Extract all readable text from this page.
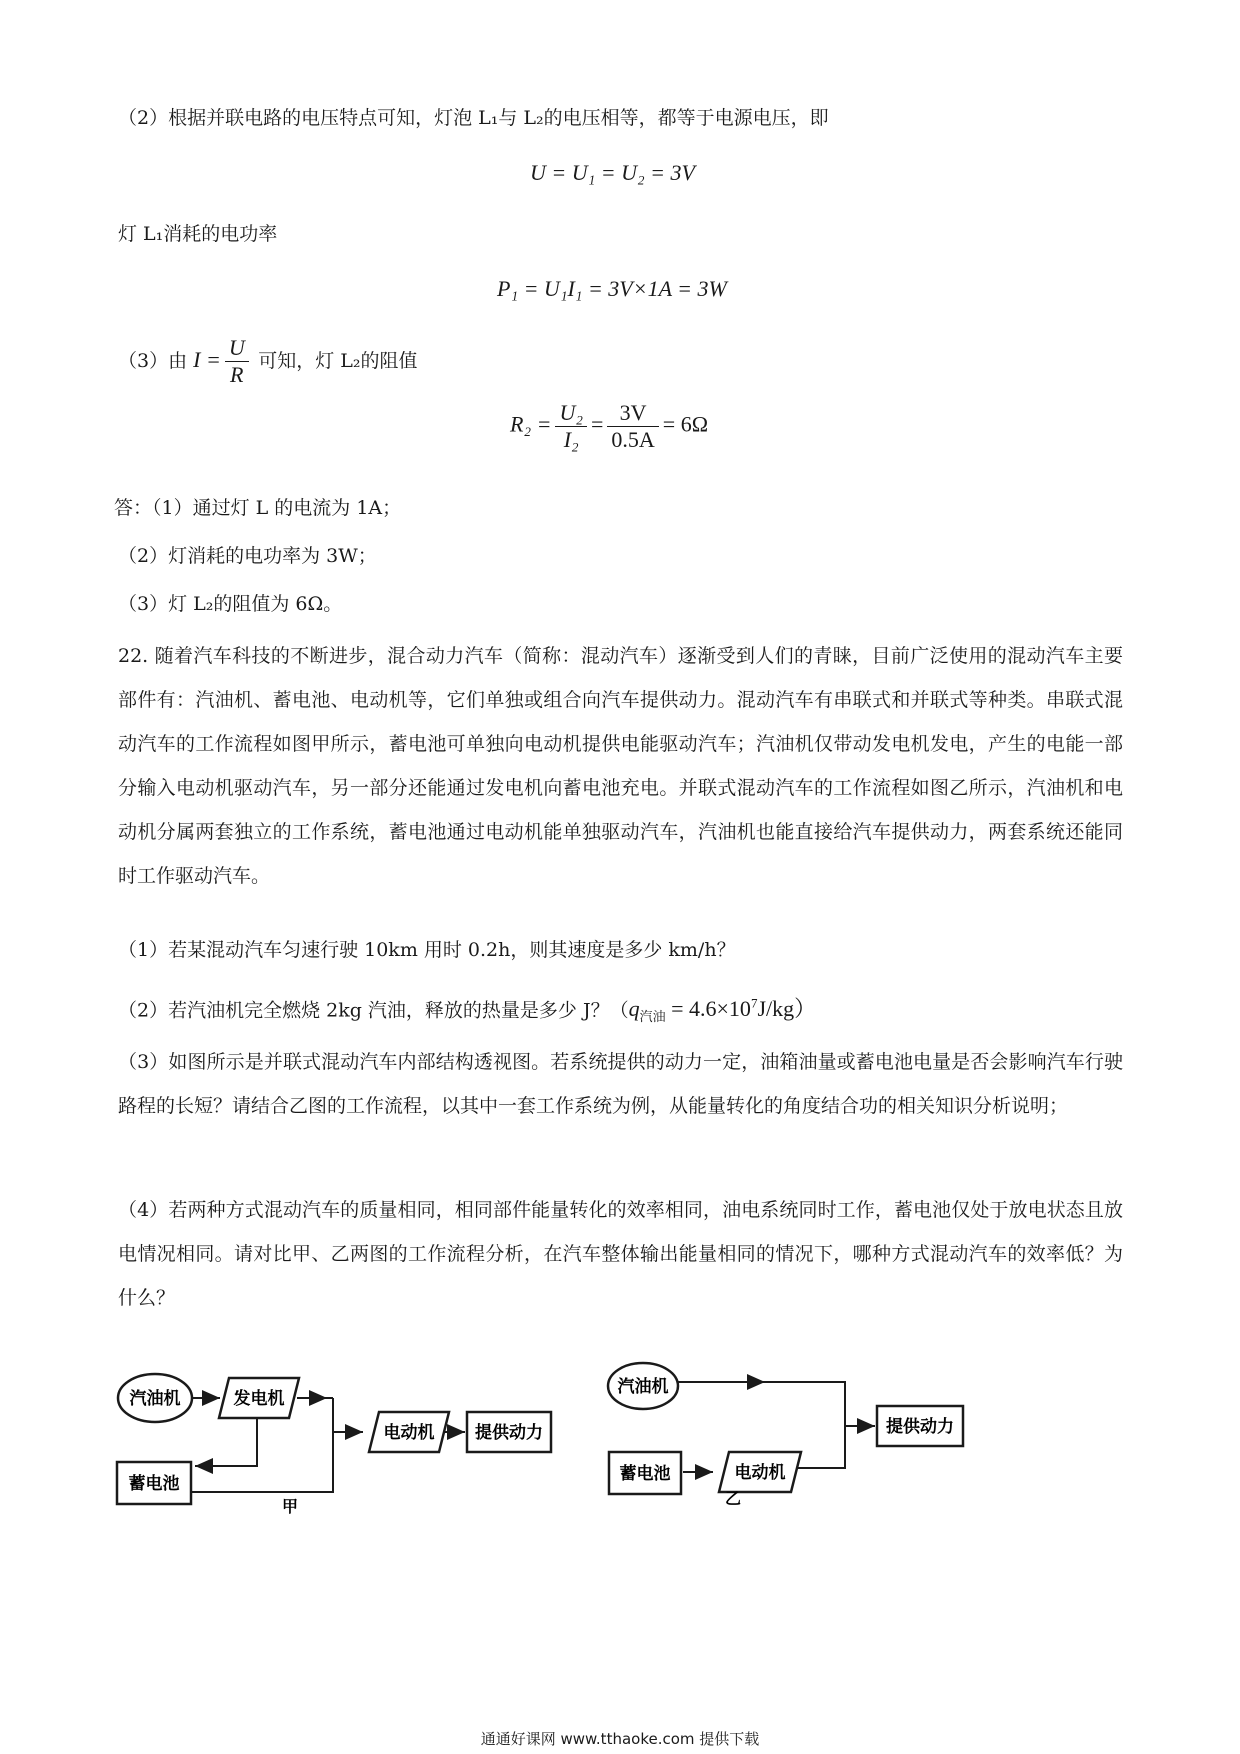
（2）根据并联电路的电压特点可知，灯泡 L₁与 L₂的电压相等，都等于电源电压，即
U = U₁ = U₂ = 3V
灯 L₁消耗的电功率
P₁ = U₁I₁ = 3V×1A = 3W
（3）由 $I = \frac{U}{R}$ 可知，灯 L₂的阻值
$R_2 = \frac{\text{U₂}}{\text{I₂}} = \frac{3V}{0.5A} = 6\Omega$
答：（1）通过灯 L 的电流为 1A；
（2）灯消耗的电功率为 3W；
（3）灯 L₂的阻值为 6Ω。
22. 随着汽车科技的不断进步，混合动力汽车（简称：混动汽车）逐渐受到人们的青睐，目前广泛使用的混动汽车主要部件有：汽油机、蓄电池、电动机等，它们单独或组合向汽车提供动力。混动汽车有串联式和并联式等种类。串联式混动汽车的工作流程如图甲所示，蓄电池可单独向电动机提供电能驱动汽车；汽油机仅带动发电机发电，产生的电能一部分输入电动机驱动汽车，另一部分还能通过发电机向蓄电池充电。并联式混动汽车的工作流程如图乙所示，汽油机和电动机分属两套独立的工作系统，蓄电池通过电动机能单独驱动汽车，汽油机也能直接给汽车提供动力，两套系统还能同时工作驱动汽车。
（1）若某混动汽车匀速行驶 10km 用时 0.2h，则其速度是多少 km/h？
（2）若汽油机完全燃烧 2kg 汽油，释放的热量是多少 J？$(q_{汽油} = 4.6\times 10^7J/kg)$
（3）如图所示是并联式混动汽车内部结构透视图。若系统提供的动力一定，油箱油量或蓄电池电量是否会影响汽车行驶路程的长短？请结合乙图的工作流程，以其中一套工作系统为例，从能量转化的角度结合功的相关知识分析说明；
（4）若两种方式混动汽车的质量相同，相同部件能量转化的效率相同，油电系统同时工作，蓄电池仅处于放电状态且放电情况相同。请对比甲、乙两图的工作流程分析，在汽车整体输出能量相同的情况下，哪种方式混动汽车的效率低？为什么？
汽油机	发电机
蓄电池
电动机 提供动力
甲
汽油机
蓄电池	电动机
提供动力
乙
通通好课网 www.tthaoke.com 提供下载
